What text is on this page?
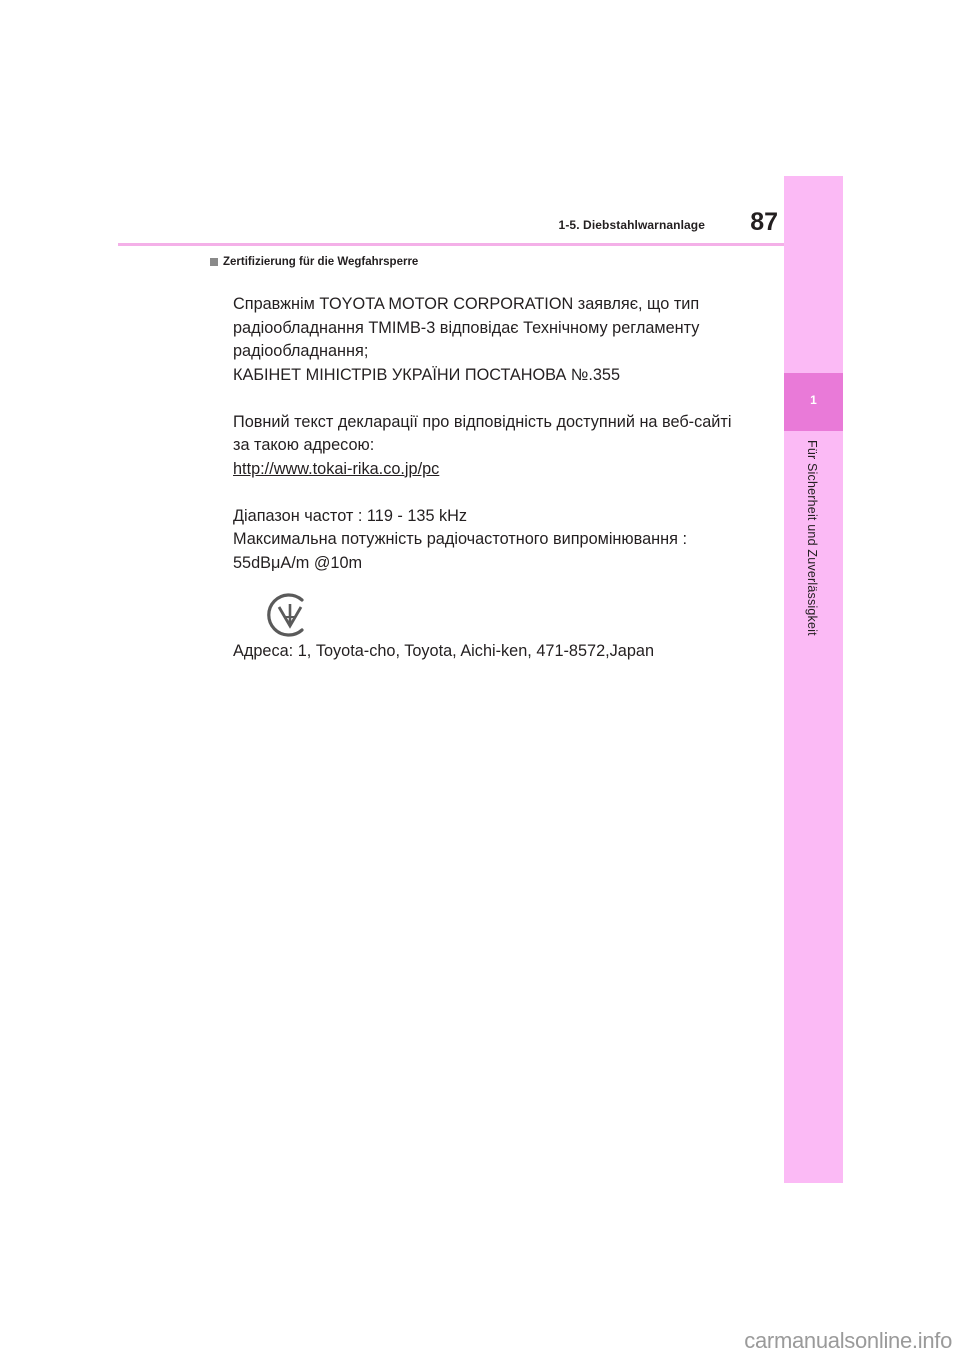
1
Für Sicherheit und Zuverlässigkeit
1-5. Diebstahlwarnanlage	87
Zertifizierung für die Wegfahrsperre

Справжнім TOYOTA MOTOR CORPORATION заявляє, що тип

радіообладнання TMIMB-3 відповідає Технічному регламенту

радіообладнання;

КАБІНЕТ МІНІСТРІВ УКРАЇНИ ПОСТАНОВА №.355

Повний текст декларації про відповідність доступний на веб-сайті

за такою адресою:

http://www.tokai-rika.co.jp/pc

Діапазон частот : 119 - 135 kHz

Максимальна потужність радіочастотного випромінювання :

55dBμA/m @10m

Адреса: 1, Toyota-cho, Toyota, Aichi-ken, 471-8572,Japan

carmanualsonline.info
